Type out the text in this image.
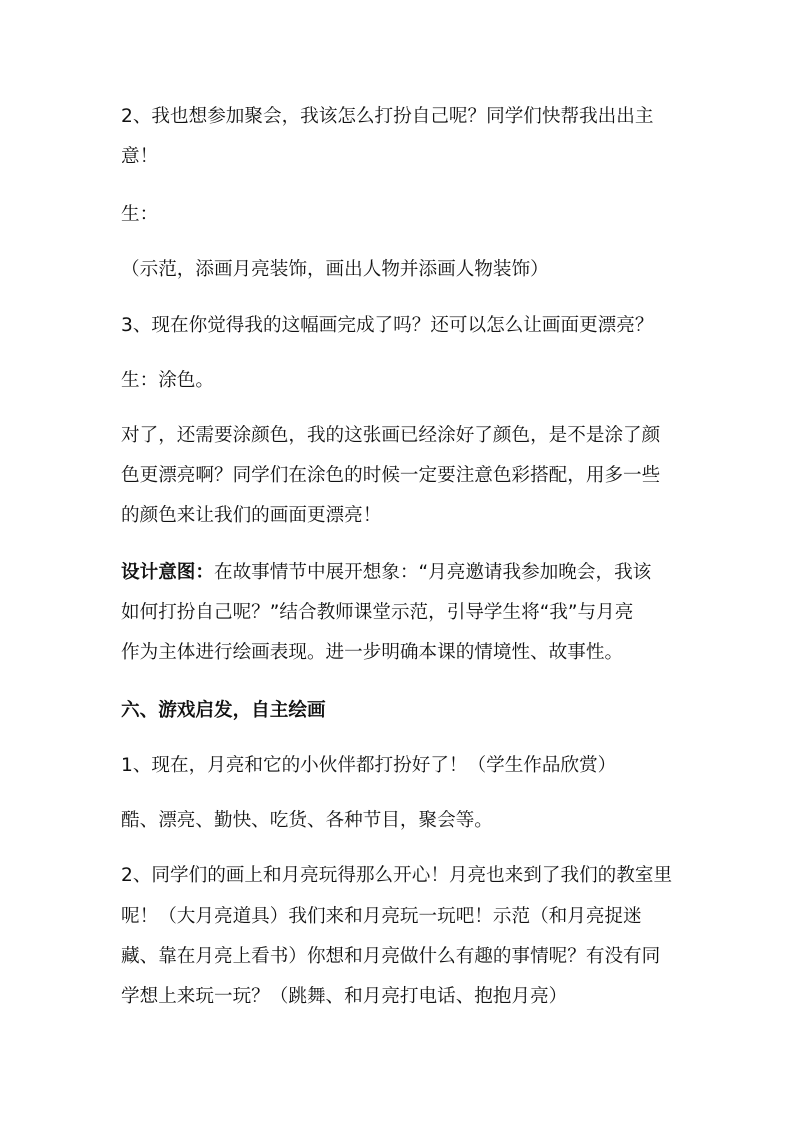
2、我也想参加聚会，我该怎么打扮自己呢？同学们快帮我出出主
意！
生：
（示范，添画月亮装饰，画出人物并添画人物装饰）
3、现在你觉得我的这幅画完成了吗？还可以怎么让画面更漂亮？
生：涂色。
对了，还需要涂颜色，我的这张画已经涂好了颜色，是不是涂了颜
色更漂亮啊？同学们在涂色的时候一定要注意色彩搭配，用多一些
的颜色来让我们的画面更漂亮！
设计意图：在故事情节中展开想象：“月亮邀请我参加晚会，我该
如何打扮自己呢？”结合教师课堂示范，引导学生将“我”与月亮
作为主体进行绘画表现。进一步明确本课的情境性、故事性。
六、游戏启发，自主绘画
1、现在，月亮和它的小伙伴都打扮好了！（学生作品欣赏）
酷、漂亮、勤快、吃货、各种节目，聚会等。
2、同学们的画上和月亮玩得那么开心！月亮也来到了我们的教室里
呢！（大月亮道具）我们来和月亮玩一玩吧！示范（和月亮捉迷
藏、靠在月亮上看书）你想和月亮做什么有趣的事情呢？有没有同
学想上来玩一玩？（跳舞、和月亮打电话、抱抱月亮）
